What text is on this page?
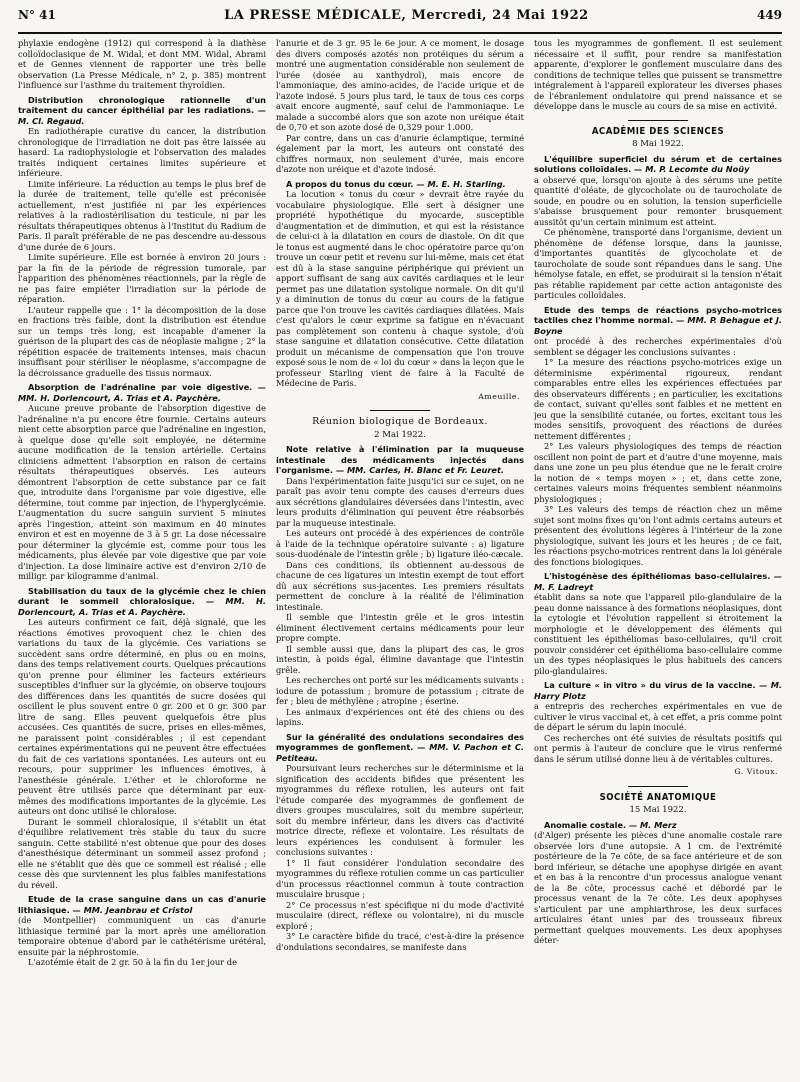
N° 41	LA PRESSE MÉDICALE, Mercredi, 24 Mai 1922	449

phylaxie endogène (1912) qui correspond à la diathèse colloïdoclasique de M. Widal, et dont MM. Widal, Abrami et de Gennes viennent de rapporter une très belle observation (La Presse Médicale, n° 2, p. 385) montrent l'influence sur l'asthme du traitement thyroïdien.

Distribution chronologique rationnelle d'un traitement du cancer épithélial par les radiations. — M. Cl. Regaud.

En radiothérapie curative du cancer, la distribution chronologique de l'irradiation ne doit pas être laissée au hasard. La radiophysiologie et l'observation des malades traités indiquent certaines limites supérieure et inférieure.

Limite inférieure. La réduction au temps le plus bref de la durée de traitement, telle qu'elle est préconisée actuellement, n'est justifiée ni par les expériences relatives à la radiostérilisation du testicule, ni par les résultats thérapeutiques obtenus à l'Institut du Radium de Paris. Il paraît préférable de ne pas descendre au-dessous d'une durée de 6 jours.

Limite supérieure. Elle est bornée à environ 20 jours : par la fin de la période de régression tumorale, par l'apparition des phénomènes réactionnels, par la règle de ne pas faire empiéter l'irradiation sur la période de réparation.

L'auteur rappelle que : 1° la décomposition de la dose en fractions très faible, dont la distribution est étendue sur un temps très long, est incapable d'amener la guérison de la plupart des cas de néoplasie maligne ; 2° la répétition espacée de traitements intenses, mais chacun insuffisant pour stériliser le néoplasme, s'accompagne de la décroissance graduelle des tissus normaux.

Absorption de l'adrénaline par voie digestive. — MM. H. Dorlencourt, A. Trias et A. Paychère.

Aucune preuve probante de l'absorption digestive de l'adrénaline n'a pu encore être fournie. Certains auteurs nient cette absorption parce que l'adrénaline en ingestion, à quelque dose qu'elle soit employée, ne détermine aucune modification de la tension artérielle. Certains cliniciens admettent l'absorption en raison de certains résultats thérapeutiques observés. Les auteurs démontrent l'absorption de cette substance par ce fait que, introduite dans l'organisme par voie digestive, elle détermine, tout comme par injection, de l'hyperglycémie. L'augmentation du sucre sanguin survient 5 minutes après l'ingestion, atteint son maximum en 40 minutes environ et est en moyenne de 3 à 5 gr. La dose nécessaire pour déterminer la glycémie est, comme pour tous les médicaments, plus élevée par voie digestive que par voie d'injection. La dose liminaire active est d'environ 2/10 de milligr. par kilogramme d'animal.

Stabilisation du taux de la glycémie chez le chien durant le sommeil chloralosique. — MM. H. Dorlencourt, A. Trias et A. Paychère.

Les auteurs confirment ce fait, déjà signalé, que les réactions émotives provoquent chez le chien des variations du taux de la glycémie. Ces variations se succèdent sans ordre déterminé, en plus ou en moins, dans des temps relativement courts. Quelques précautions qu'on prenne pour éliminer les facteurs extérieurs susceptibles d'influer sur la glycémie, on observe toujours des différences dans les quantités de sucre dosées qui oscillent le plus souvent entre 0 gr. 200 et 0 gr. 300 par litre de sang. Elles peuvent quelquefois être plus accusées. Ces quantités de sucre, prises en elles-mêmes, ne paraissent point considérables ; il est cependant certaines expérimentations qui ne peuvent être effectuées du fait de ces variations spontanées. Les auteurs ont eu recours, pour supprimer les influences émotives, à l'anesthésie générale. L'éther et le chloroforme ne peuvent être utilisés parce que déterminant par eux-mêmes des modifications importantes de la glycémie. Les auteurs ont donc utilisé le chloralose.

Durant le sommeil chloralosique, il s'établit un état d'équilibre relativement très stable du taux du sucre sanguin. Cette stabilité n'est obtenue que pour des doses d'anesthésique déterminant un sommeil assez profond ; elle ne s'établit que dès que ce sommeil est réalisé ; elle cesse dès que surviennent les plus faibles manifestations du réveil.

Etude de la crase sanguine dans un cas d'anurie lithiasique. — MM. Jeanbrau et Cristol

(de Montpellier) communiquent un cas d'anurie lithiasique terminé par la mort après une amélioration temporaire obtenue d'abord par le cathétérisme urétéral, ensuite par la néphrostomie.

L'azotémie était de 2 gr. 50 à la fin du 1er jour de

l'anurie et de 3 gr. 95 le 6e jour. A ce moment, le dosage des divers composés azotés non protéiques du sérum a montré une augmentation considérable non seulement de l'urée (dosée au xanthydrol), mais encore de l'ammoniaque, des amino-acides, de l'acide urique et de l'azote indosé. 5 jours plus tard, le taux de tous ces corps avait encore augmenté, sauf celui de l'ammoniaque. Le malade a succombé alors que son azote non uréique était de 0,70 et son azote dosé de 0,329 pour 1.000.

Par contre, dans un cas d'anurie éclamptique, terminé également par la mort, les auteurs ont constaté des chiffres normaux, non seulement d'urée, mais encore d'azote non uréique et d'azote indosé.

A propos du tonus du cœur. — M. E. H. Starling.

La locution « tonus du cœur » devrait être rayée du vocabulaire physiologique. Elle sert à désigner une propriété hypothétique du myocarde, susceptible d'augmentation et de diminution, et qui est la résistance de celui-ci à la dilatation en cours de diastole. On dit que le tonus est augmenté dans le choc opératoire parce qu'on trouve un cœur petit et revenu sur lui-même, mais cet état est dû à la stase sanguine périphérique qui prévient un apport suffisant de sang aux cavités cardiaques et le leur permet pas une dilatation systolique normale. On dit qu'il y a diminution de tonus du cœur au cours de la fatigue parce que l'on trouve les cavités cardiaques dilatées. Mais c'est qu'alors le cœur exprime sa fatigue en n'évacuant pas complètement son contenu à chaque systole, d'où stase sanguine et dilatation consécutive. Cette dilatation produit un mécanisme de compensation que l'on trouve exposé sous le nom de « loi du cœur » dans la leçon que le professeur Starling vient de faire à la Faculté de Médecine de Paris.

Ameuille.
Réunion biologique de Bordeaux.
2 Mai 1922.

Note relative à l'élimination par la muqueuse intestinale des médicaments injectés dans l'organisme. — MM. Carles, H. Blanc et Fr. Leuret.

Dans l'expérimentation faite jusqu'ici sur ce sujet, on ne paraît pas avoir tenu compte des causes d'erreurs dues aux sécrétions glandulaires déversées dans l'intestin, avec leurs produits d'élimination qui peuvent être réabsorbés par la muqueuse intestinale.

Les auteurs ont procédé à des expériences de contrôle à l'aide de la technique opératoire suivante : a) ligature sous-duodénale de l'intestin grêle ; b) ligature iléo-cæcale.

Dans ces conditions, ils obtiennent au-dessous de chacune de ces ligatures un intestin exempt de tout effort dû aux sécrétions sus-jacentes. Les premiers résultats permettent de conclure à la réalité de l'élimination intestinale.

Il semble que l'intestin grêle et le gros intestin éliminent électivement certains médicaments pour leur propre compte.

Il semble aussi que, dans la plupart des cas, le gros intestin, à poids égal, élimine davantage que l'intestin grêle.

Les recherches ont porté sur les médicaments suivants : iodure de potassium ; bromure de potassium ; citrate de fer ; bleu de méthylène ; atropine ; éserine.

Les animaux d'expériences ont été des chiens ou des lapins.

Sur la généralité des ondulations secondaires des myogrammes de gonflement. — MM. V. Pachon et C. Petiteau.

Poursuivant leurs recherches sur le déterminisme et la signification des accidents bifides que présentent les myogrammes du réflexe rotulien, les auteurs ont fait l'étude comparée des myogrammes de gonflement de divers groupes musculaires, soit du membre supérieur, soit du membre inférieur, dans les divers cas d'activité motrice directe, réflexe et volontaire. Les résultats de leurs expériences les conduisent à formuler les conclusions suivantes :

1° Il faut considérer l'ondulation secondaire des myogrammes du réflexe rotulien comme un cas particulier d'un processus réactionnel commun à toute contraction musculaire brusque ;

2° Ce processus n'est spécifique ni du mode d'activité musculaire (direct, réflexe ou volontaire), ni du muscle exploré ;

3° Le caractère bifide du tracé, c'est-à-dire la présence d'ondulations secondaires, se manifeste dans

tous les myogrammes de gonflement. Il est seulement nécessaire et il suffit, pour rendre sa manifestation apparente, d'explorer le gonflement musculaire dans des conditions de technique telles que puissent se transmettre intégralement à l'appareil explorateur les diverses phases de l'ébranlement ondulatoire qui prend naissance et se développe dans le muscle au cours de sa mise en activité.

ACADÉMIE DES SCIENCES
8 Mai 1922.

L'équilibre superficiel du sérum et de certaines solutions colloïdales. — M. P. Lecomte du Noüy

a observé que, lorsqu'on ajoute à des sérums une petite quantité d'oléate, de glycocholate ou de taurocholate de soude, en poudre ou en solution, la tension superficielle s'abaisse brusquement pour remonter brusquement aussitôt qu'un certain minimum est atteint.

Ce phénomène, transporté dans l'organisme, devient un phénomène de défense lorsque, dans la jaunisse, d'importantes quantités de glycocholate et de taurocholate de soude sont répandues dans le sang. Une hémolyse fatale, en effet, se produirait si la tension n'était pas rétablie rapidement par cette action antagoniste des particules colloïdales.

Etude des temps de réactions psycho-motrices tactiles chez l'homme normal. — MM. P. Behague et J. Boyne

ont procédé à des recherches expérimentales d'où semblent se dégager les conclusions suivantes :

1° La mesure des réactions psycho-motrices exige un déterminisme expérimental rigoureux, rendant comparables entre elles les expériences effectuées par des observateurs différents ; en particulier, les excitations de contact, suivant qu'elles sont faibles et ne mettent en jeu que la sensibilité cutanée, ou fortes, excitant tous les modes sensitifs, provoquent des réactions de durées nettement différentes ;

2° Les valeurs physiologiques des temps de réaction oscillent non point de part et d'autre d'une moyenne, mais dans une zone un peu plus étendue que ne le ferait croire la notion de « temps moyen » ; et, dans cette zone, certaines valeurs moins fréquentes semblent néanmoins physiologiques ;

3° Les valeurs des temps de réaction chez un même sujet sont moins fixes qu'on l'ont admis certains auteurs et présentent des évolutions légères à l'intérieur de la zone physiologique, suivant les jours et les heures ; de ce fait, les réactions psycho-motrices rentrent dans la loi générale des fonctions biologiques.

L'histogénèse des épithéliomas baso-cellulaires. — M. F. Ladreyt

établit dans sa note que l'appareil pilo-glandulaire de la peau donne naissance à des formations néoplasiques, dont la cytologie et l'évolution rappellent si étroitement la morphologie et le développement des éléments qui constituent les épithéliomas baso-cellulaires, qu'il croit pouvoir considérer cet épithélioma baso-cellulaire comme un des types néoplasiques le plus habituels des cancers pilo-glandulaires.

La culture « in vitro » du virus de la vaccine. — M. Harry Plotz

a entrepris des recherches expérimentales en vue de cultiver le virus vaccinal et, à cet effet, a pris comme point de départ le sérum du lapin inoculé.

Ces recherches ont été suivies de résultats positifs qui ont permis à l'auteur de conclure que le virus renfermé dans le sérum utilisé donne lieu à de véritables cultures.

G. Vitoux.
SOCIÉTÉ ANATOMIQUE
15 Mai 1922.

Anomalie costale. — M. Merz

(d'Alger) présente les pièces d'une anomalie costale rare observée lors d'une autopsie. A 1 cm. de l'extrémité postérieure de la 7e côte, de sa face antérieure et de son bord inférieur, se détache une apophyse dirigée en avant et en bas à la rencontre d'un processus analogue venant de la 8e côte, processus caché et débordé par le processus venant de la 7e côte. Les deux apophyses s'articulent par une amphiarthrose, les deux surfaces articulaires étant unies par des trousseaux fibreux permettant quelques mouvements. Les deux apophyses déter-
